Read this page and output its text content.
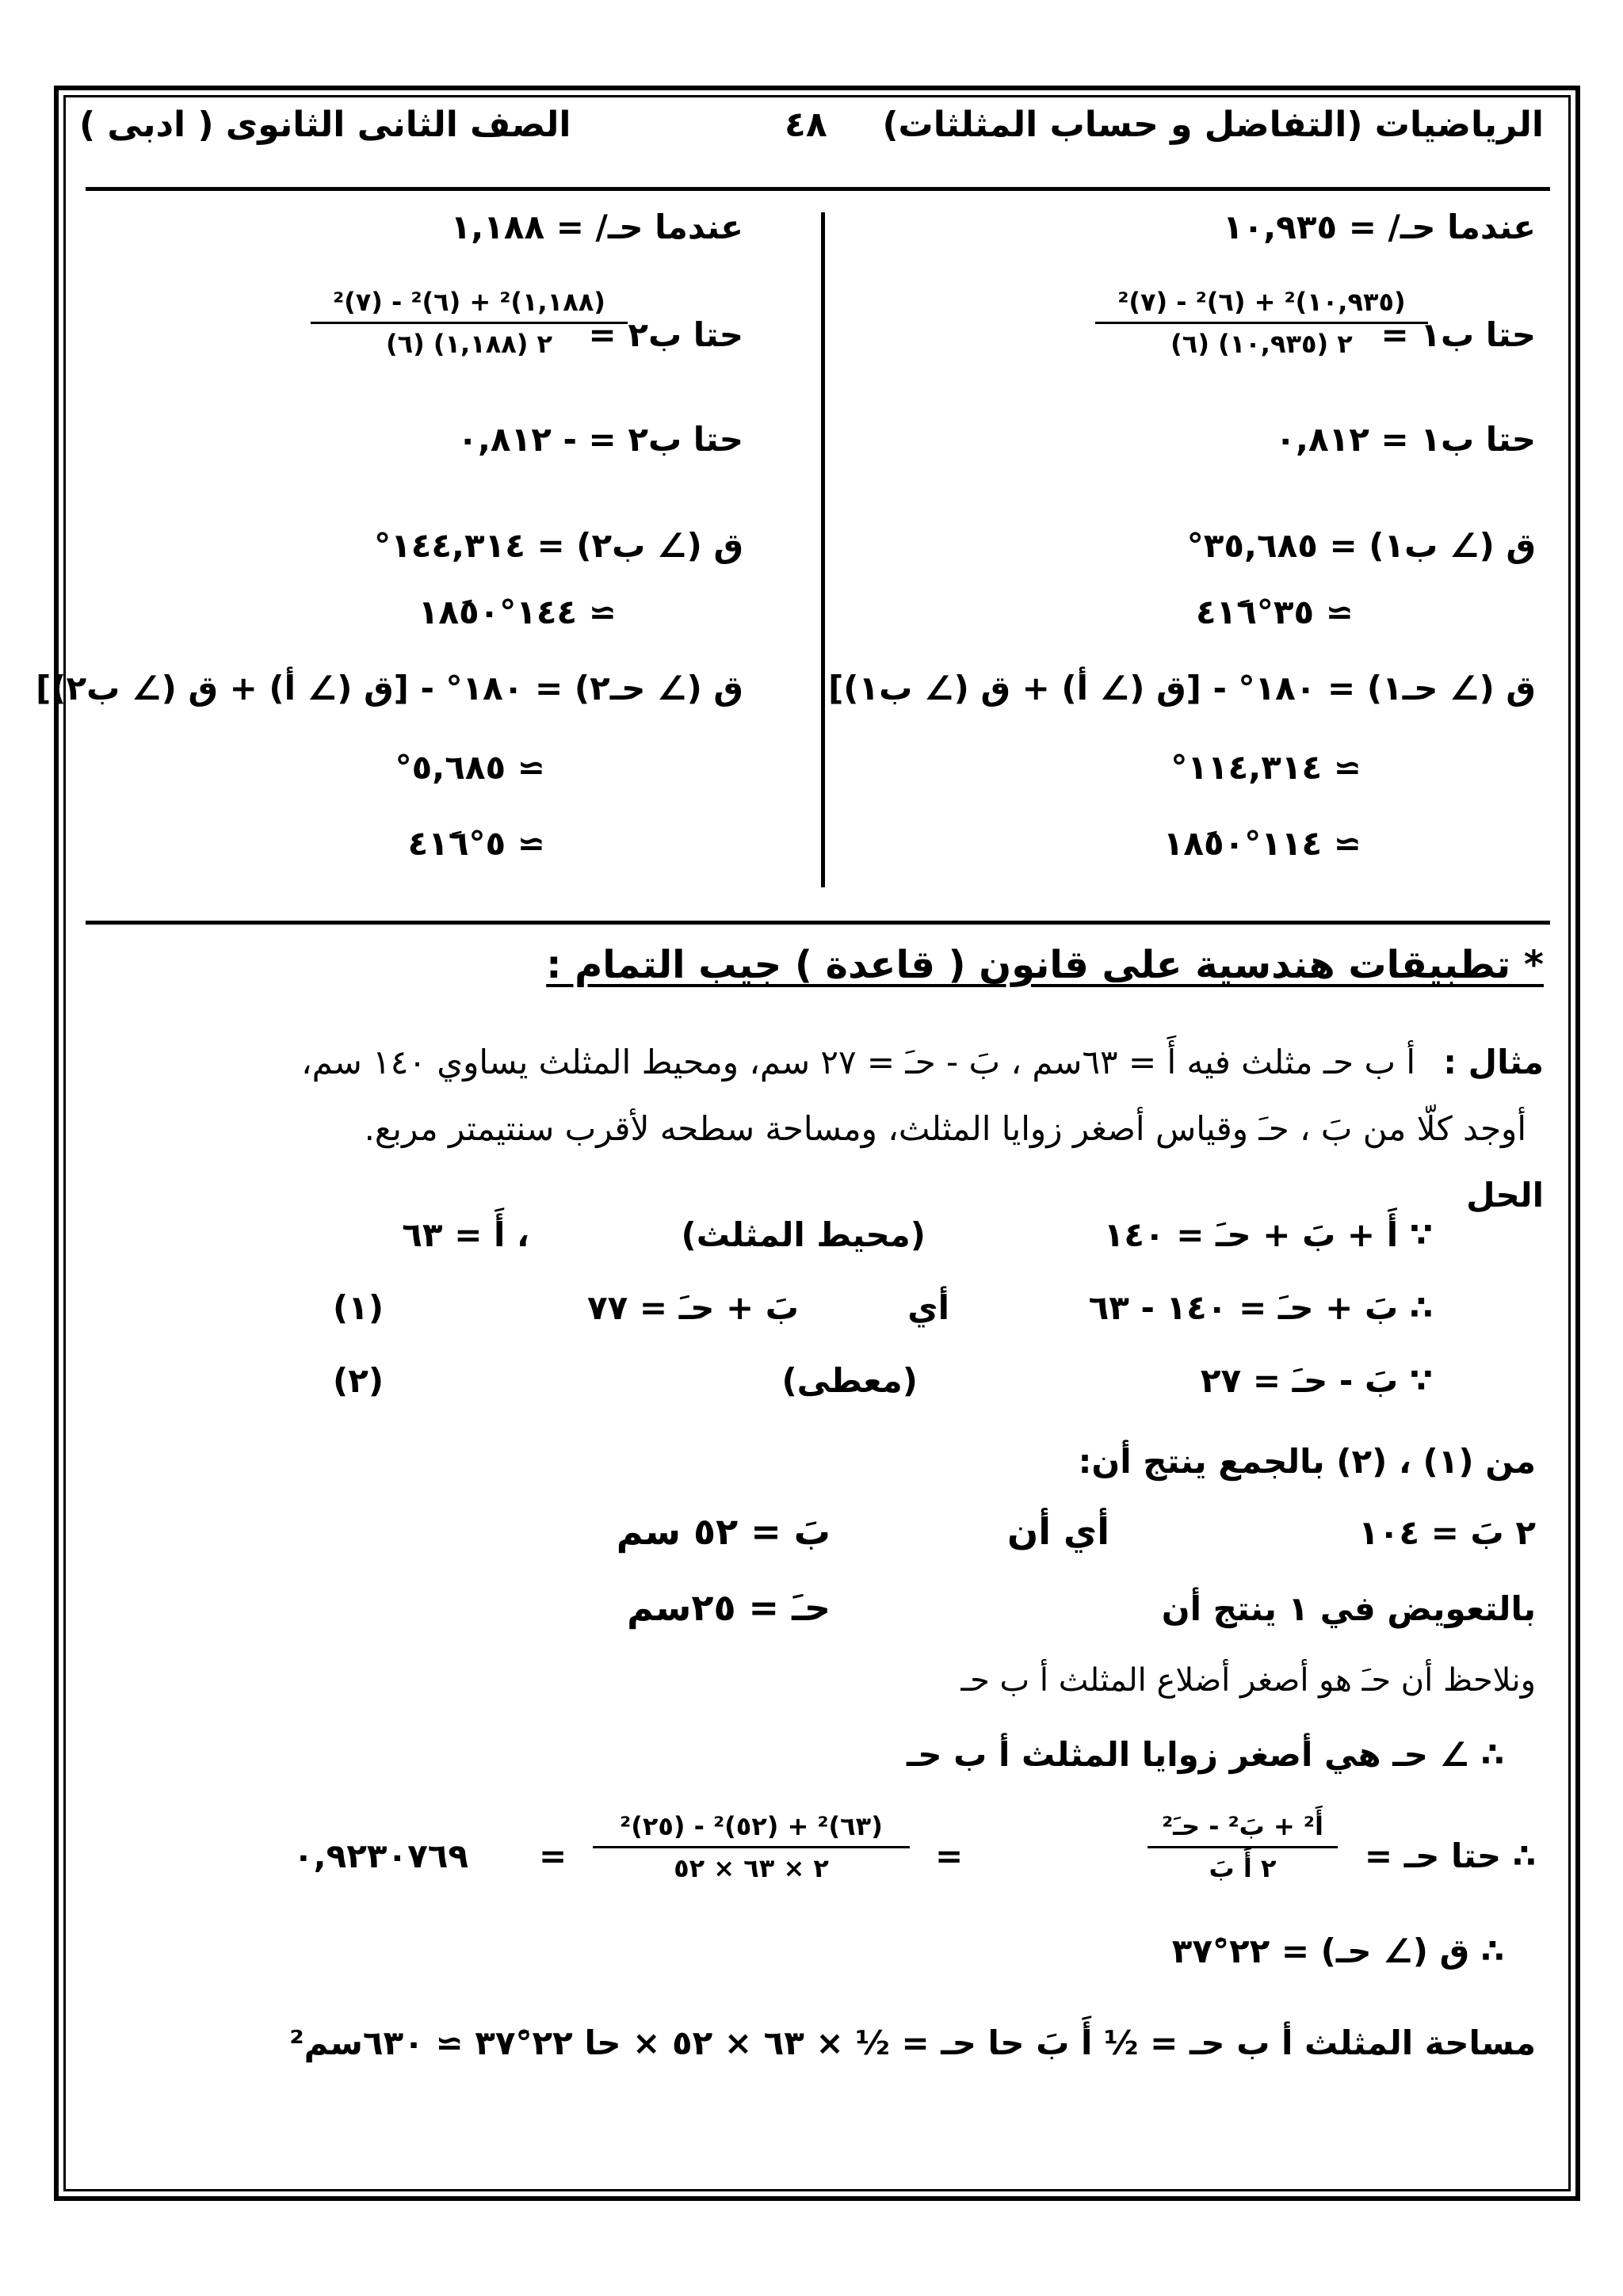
الرياضيات (التفاضل و حساب المثلثات)
٤٨
الصف الثانى الثانوى ( ادبى )
عندما حـ/ = ١٠,٩٣٥
حتا ب١ =
(١٠,٩٣٥)² + (٦)² - (٧)²
٢ (١٠,٩٣٥) (٦)
حتا ب١ = ٠,٨١٢
ق (∠ ب١) = ٣٥,٦٨٥°
≃ ٣٥°٤١َ٦
ق (∠ حـ١) = ١٨٠° - [ق (∠ أ) + ق (∠ ب١)]
≃ ١١٤,٣١٤°
≃ ١١٤°١٨َ٥٠
عندما حـ/ = ١,١٨٨
حتا ب٢ =
(١,١٨٨)² + (٦)² - (٧)²
٢ (١,١٨٨) (٦)
حتا ب٢ = - ٠,٨١٢
ق (∠ ب٢) = ١٤٤,٣١٤°
≃ ١٤٤°١٨َ٥٠
ق (∠ حـ٢) = ١٨٠° - [ق (∠ أ) + ق (∠ ب٢)]
≃ ٥,٦٨٥°
≃ ٥°٤١َ٦
* تطبيقات هندسية على قانون ( قاعدة ) جيب التمام :
مثال :
أ ب حـ مثلث فيه أَ = ٦٣سم ، بَ - حـَ = ٢٧ سم، ومحيط المثلث يساوي ١٤٠ سم،
أوجد كلّا من بَ ، حـَ وقياس أصغر زوايا المثلث، ومساحة سطحه لأقرب سنتيمتر مربع.
الحل
∵ أَ + بَ + حـَ = ١٤٠
(محيط المثلث)
، أَ = ٦٣
∴ بَ + حـَ = ١٤٠ - ٦٣
أي
بَ + حـَ = ٧٧
(١)
∵ بَ - حـَ = ٢٧
(معطى)
(٢)
من (١) ، (٢) بالجمع ينتج أن:
٢ بَ = ١٠٤
أي أن
بَ = ٥٢ سم
بالتعويض في ١ ينتج أن
حـَ = ٢٥سم
ونلاحظ أن حـَ هو أصغر أضلاع المثلث أ ب حـ
∴ ∠ حـ هي أصغر زوايا المثلث أ ب حـ
∴ حتا حـ =
أَ² + بَ² - حـَ²
٢ أَ بَ
=
(٦٣)² + (٥٢)² - (٢٥)²
٢ × ٦٣ × ٥٢
=
٠,٩٢٣٠٧٦٩
∴ ق (∠ حـ) = ٢٢°٣٧َ
مساحة المثلث أ ب حـ = ½ أَ بَ حا حـ = ½ × ٦٣ × ٥٢ × حا ٢٢°٣٧َ ≃ ٦٣٠سم²
